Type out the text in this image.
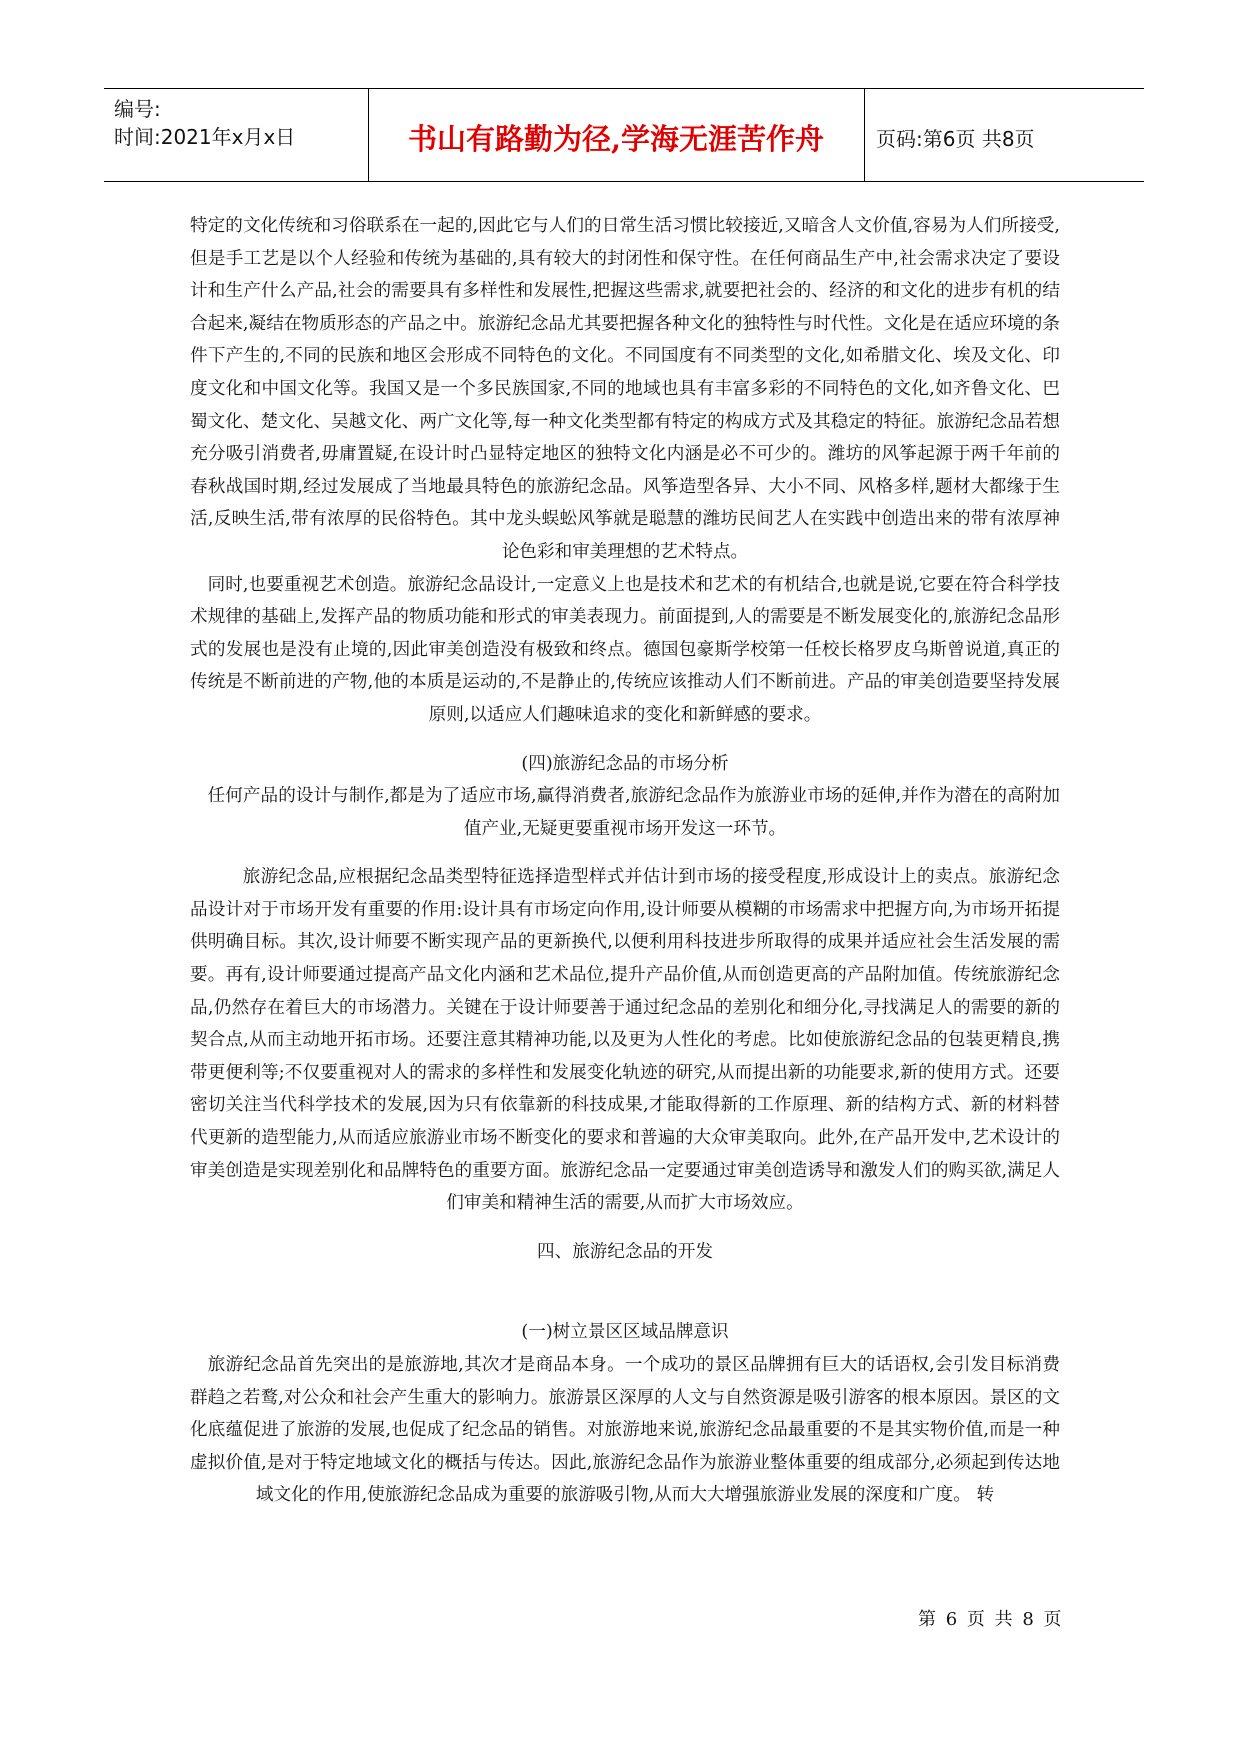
编号:
时间:2021年x月x日	书山有路勤为径,学海无涯苦作舟	页码:第6页 共8页

特定的文化传统和习俗联系在一起的,因此它与人们的日常生活习惯比较接近,又暗含人文价值,容易为人们所接受,但是手工艺是以个人经验和传统为基础的,具有较大的封闭性和保守性。在任何商品生产中,社会需求决定了要设计和生产什么产品,社会的需要具有多样性和发展性,把握这些需求,就要把社会的、经济的和文化的进步有机的结合起来,凝结在物质形态的产品之中。旅游纪念品尤其要把握各种文化的独特性与时代性。文化是在适应环境的条件下产生的,不同的民族和地区会形成不同特色的文化。不同国度有不同类型的文化,如希腊文化、埃及文化、印度文化和中国文化等。我国又是一个多民族国家,不同的地域也具有丰富多彩的不同特色的文化,如齐鲁文化、巴蜀文化、楚文化、吴越文化、两广文化等,每一种文化类型都有特定的构成方式及其稳定的特征。旅游纪念品若想充分吸引消费者,毋庸置疑,在设计时凸显特定地区的独特文化内涵是必不可少的。潍坊的风筝起源于两千年前的春秋战国时期,经过发展成了当地最具特色的旅游纪念品。风筝造型各异、大小不同、风格多样,题材大都缘于生活,反映生活,带有浓厚的民俗特色。其中龙头蜈蚣风筝就是聪慧的潍坊民间艺人在实践中创造出来的带有浓厚神论色彩和审美理想的艺术特点。

同时,也要重视艺术创造。旅游纪念品设计,一定意义上也是技术和艺术的有机结合,也就是说,它要在符合科学技术规律的基础上,发挥产品的物质功能和形式的审美表现力。前面提到,人的需要是不断发展变化的,旅游纪念品形式的发展也是没有止境的,因此审美创造没有极致和终点。德国包豪斯学校第一任校长格罗皮乌斯曾说道,真正的传统是不断前进的产物,他的本质是运动的,不是静止的,传统应该推动人们不断前进。产品的审美创造要坚持发展原则,以适应人们趣味追求的变化和新鲜感的要求。

(四)旅游纪念品的市场分析

任何产品的设计与制作,都是为了适应市场,赢得消费者,旅游纪念品作为旅游业市场的延伸,并作为潜在的高附加值产业,无疑更要重视市场开发这一环节。

旅游纪念品,应根据纪念品类型特征选择造型样式并估计到市场的接受程度,形成设计上的卖点。旅游纪念品设计对于市场开发有重要的作用:设计具有市场定向作用,设计师要从模糊的市场需求中把握方向,为市场开拓提供明确目标。其次,设计师要不断实现产品的更新换代,以便利用科技进步所取得的成果并适应社会生活发展的需要。再有,设计师要通过提高产品文化内涵和艺术品位,提升产品价值,从而创造更高的产品附加值。传统旅游纪念品,仍然存在着巨大的市场潜力。关键在于设计师要善于通过纪念品的差别化和细分化,寻找满足人的需要的新的契合点,从而主动地开拓市场。还要注意其精神功能,以及更为人性化的考虑。比如使旅游纪念品的包装更精良,携带更便利等;不仅要重视对人的需求的多样性和发展变化轨迹的研究,从而提出新的功能要求,新的使用方式。还要密切关注当代科学技术的发展,因为只有依靠新的科技成果,才能取得新的工作原理、新的结构方式、新的材料替代更新的造型能力,从而适应旅游业市场不断变化的要求和普遍的大众审美取向。此外,在产品开发中,艺术设计的审美创造是实现差别化和品牌特色的重要方面。旅游纪念品一定要通过审美创造诱导和激发人们的购买欲,满足人们审美和精神生活的需要,从而扩大市场效应。

四、旅游纪念品的开发

(一)树立景区区域品牌意识

旅游纪念品首先突出的是旅游地,其次才是商品本身。一个成功的景区品牌拥有巨大的话语权,会引发目标消费群趋之若鹜,对公众和社会产生重大的影响力。旅游景区深厚的人文与自然资源是吸引游客的根本原因。景区的文化底蕴促进了旅游的发展,也促成了纪念品的销售。对旅游地来说,旅游纪念品最重要的不是其实物价值,而是一种虚拟价值,是对于特定地域文化的概括与传达。因此,旅游纪念品作为旅游业整体重要的组成部分,必须起到传达地域文化的作用,使旅游纪念品成为重要的旅游吸引物,从而大大增强旅游业发展的深度和广度。 转

第 6 页 共 8 页
